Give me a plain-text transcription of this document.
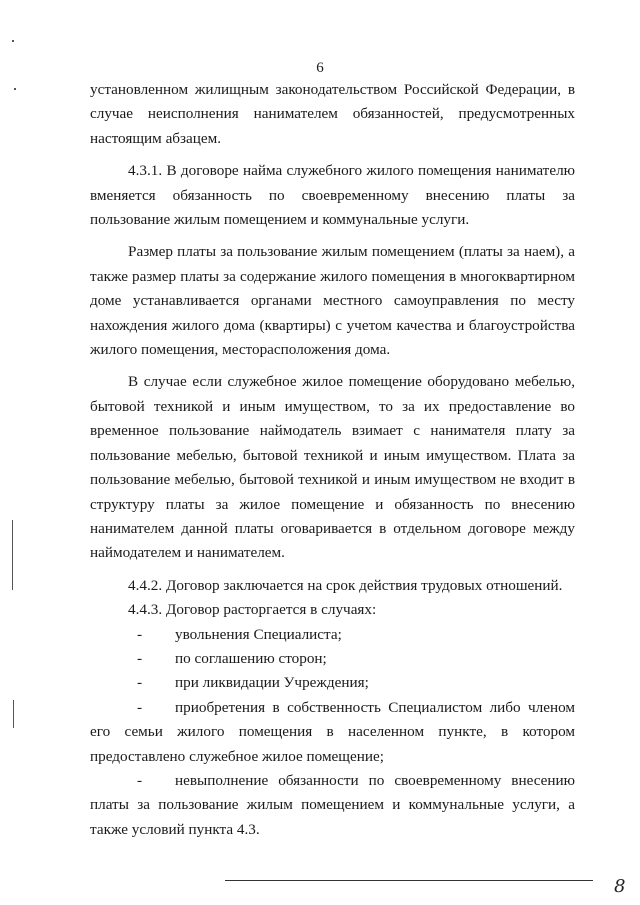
6

установленном жилищным законодательством Российской Федерации, в случае неисполнения нанимателем обязанностей, предусмотренных настоящим абзацем.

4.3.1. В договоре найма служебного жилого помещения нанимателю вменяется обязанность по своевременному внесению платы за пользование жилым помещением и коммунальные услуги.

Размер платы за пользование жилым помещением (платы за наем), а также размер платы за содержание жилого помещения в многоквартирном доме устанавливается органами местного самоуправления по месту нахождения жилого дома (квартиры) с учетом качества и благоустройства жилого помещения, месторасположения дома.

В случае если служебное жилое помещение оборудовано мебелью, бытовой техникой и иным имуществом, то за их предоставление во временное пользование наймодатель взимает с нанимателя плату за пользование мебелью, бытовой техникой и иным имуществом. Плата за пользование мебелью, бытовой техникой и иным имуществом не входит в структуру платы за жилое помещение и обязанность по внесению нанимателем данной платы оговаривается в отдельном договоре между наймодателем и нанимателем.

4.4.2. Договор заключается на срок действия трудовых отношений.

4.4.3. Договор расторгается в случаях:

- увольнения Специалиста;

- по соглашению сторон;

- при ликвидации Учреждения;

- приобретения в собственность Специалистом либо членом его семьи жилого помещения в населенном пункте, в котором предоставлено служебное жилое помещение;

- невыполнение обязанности по своевременному внесению платы за пользование жилым помещением и коммунальные услуги, а также условий пункта 4.3.

8
